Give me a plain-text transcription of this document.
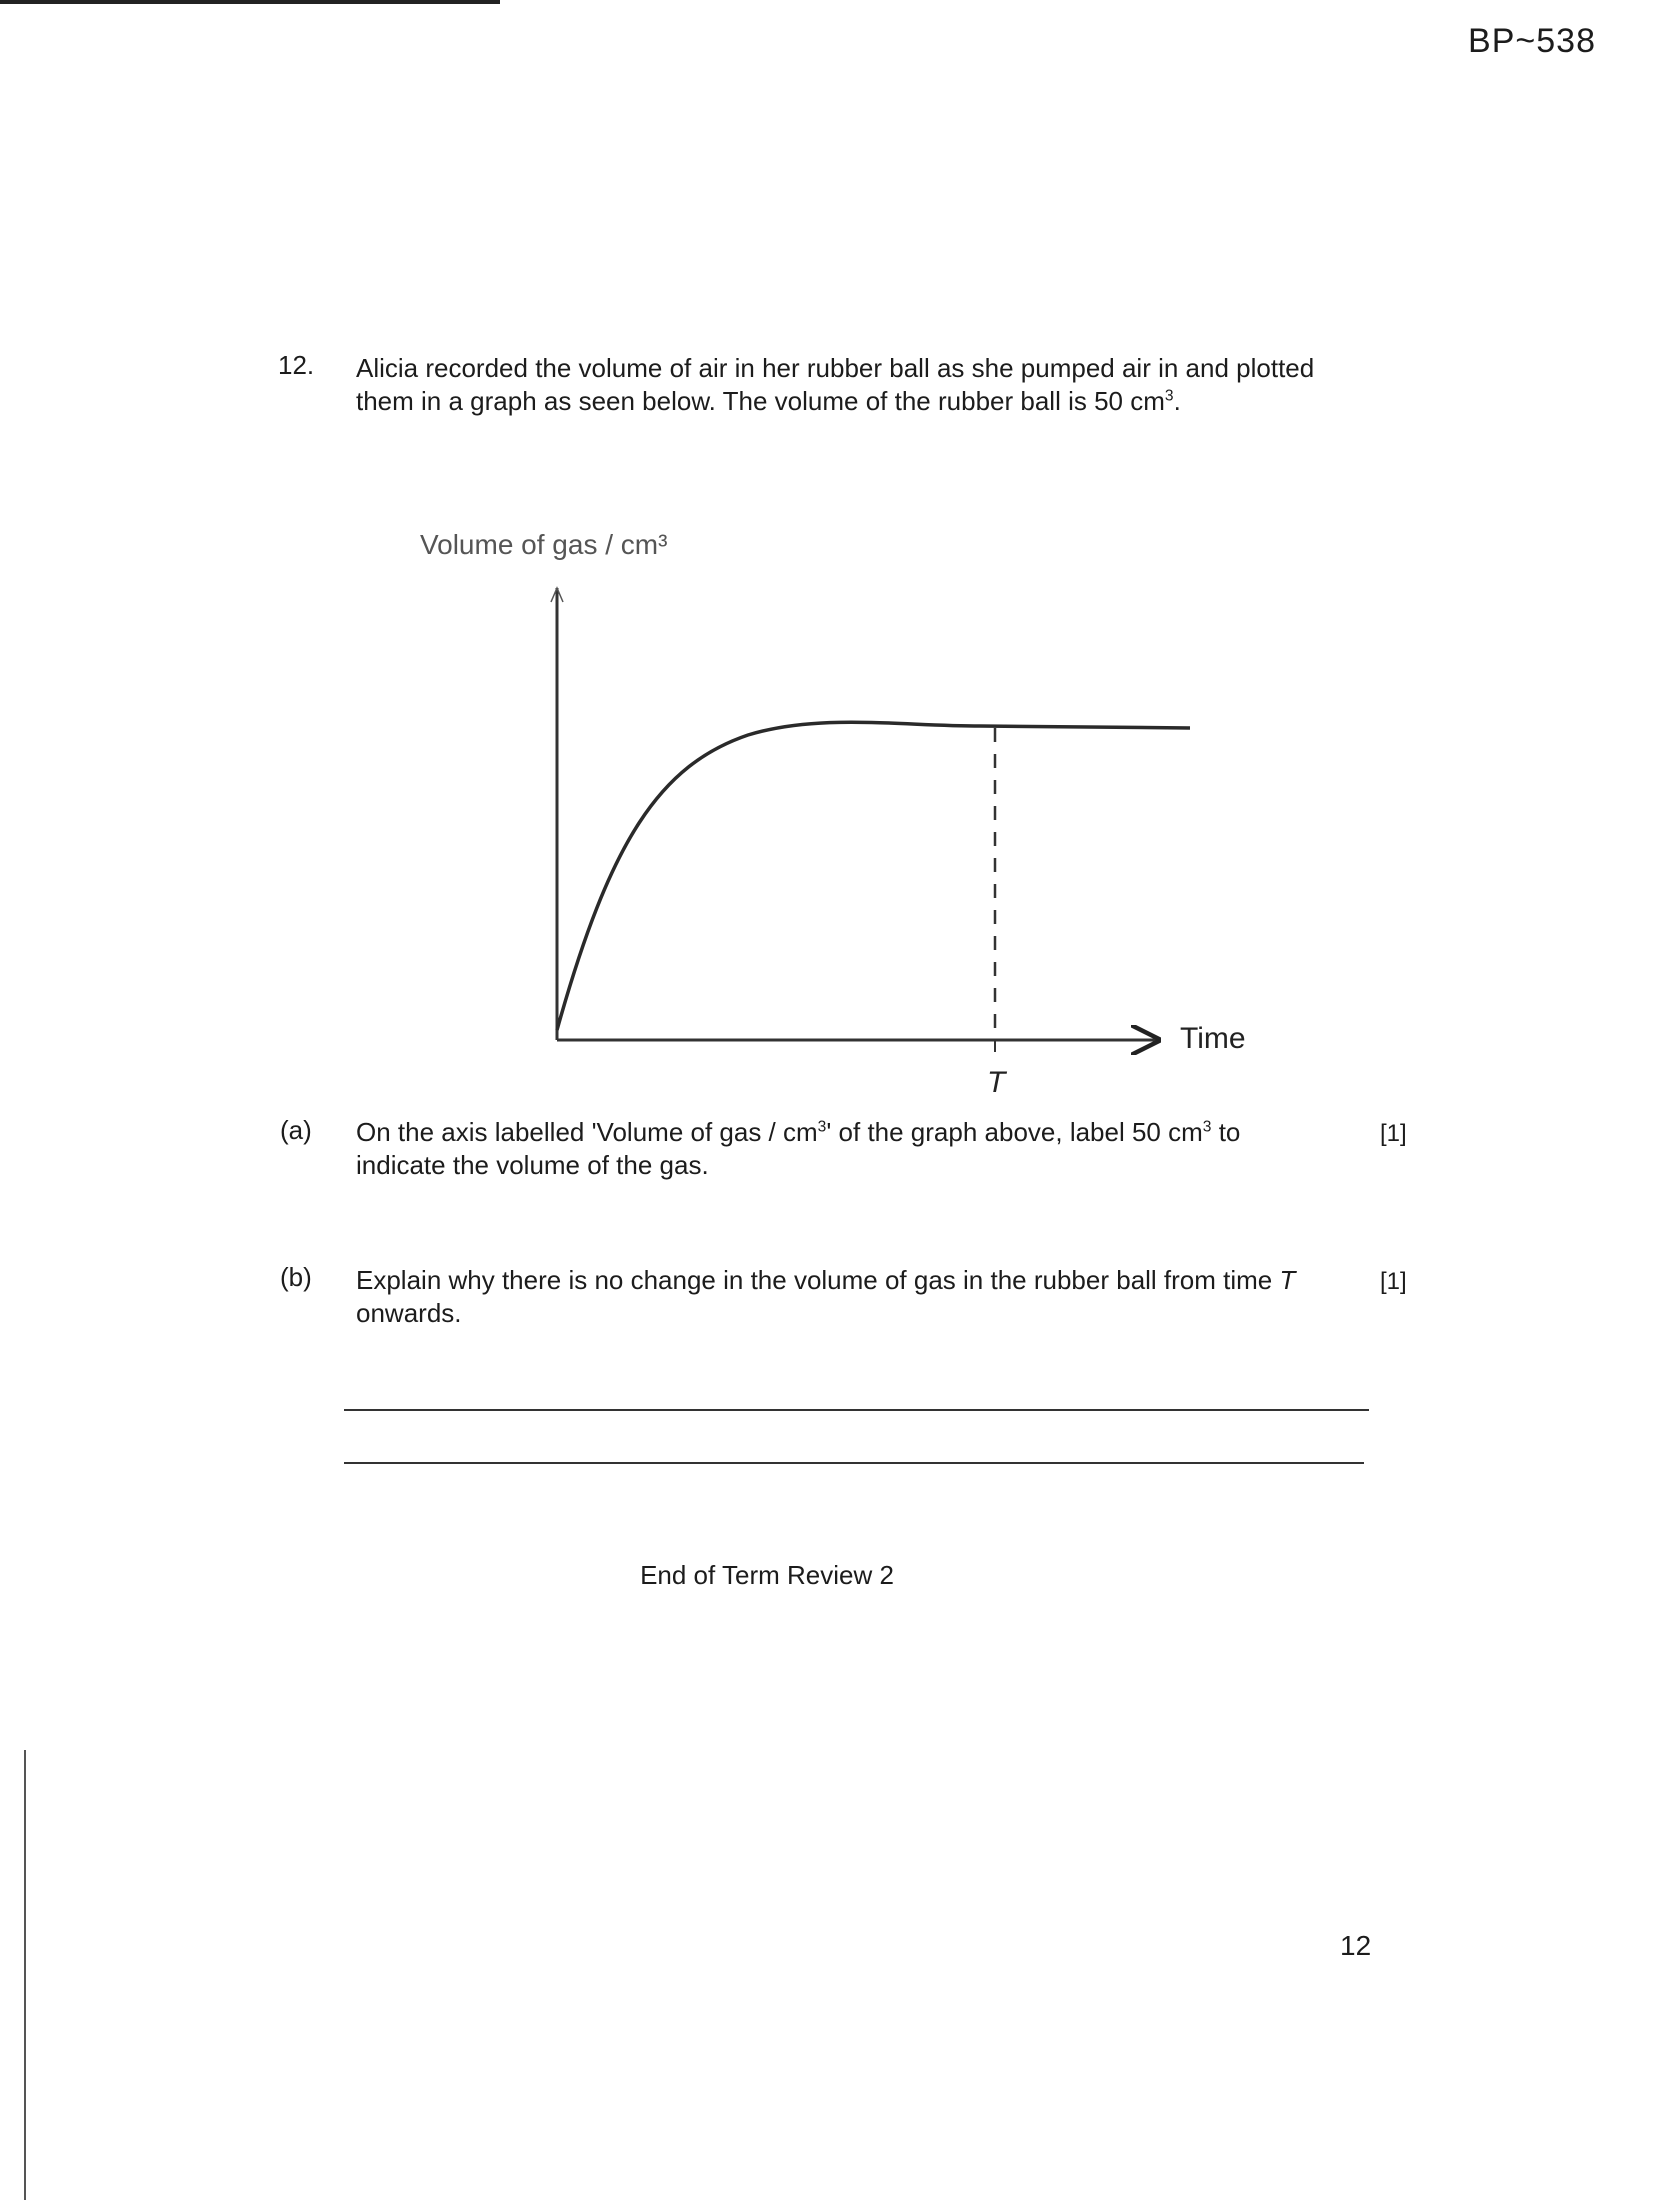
BP~538
12. Alicia recorded the volume of air in her rubber ball as she pumped air in and plotted them in a graph as seen below. The volume of the rubber ball is 50 $cm^3$.
Volume of gas / cm³
Time
T
(a) On the axis labelled 'Volume of gas / $cm^3'$ of the graph above, label 50 $cm^3$ to indicate the volume of the gas.
[1]
(b) Explain why there is no change in the volume of gas in the rubber ball from time T onwards.
[1]
End of Term Review 2
12
